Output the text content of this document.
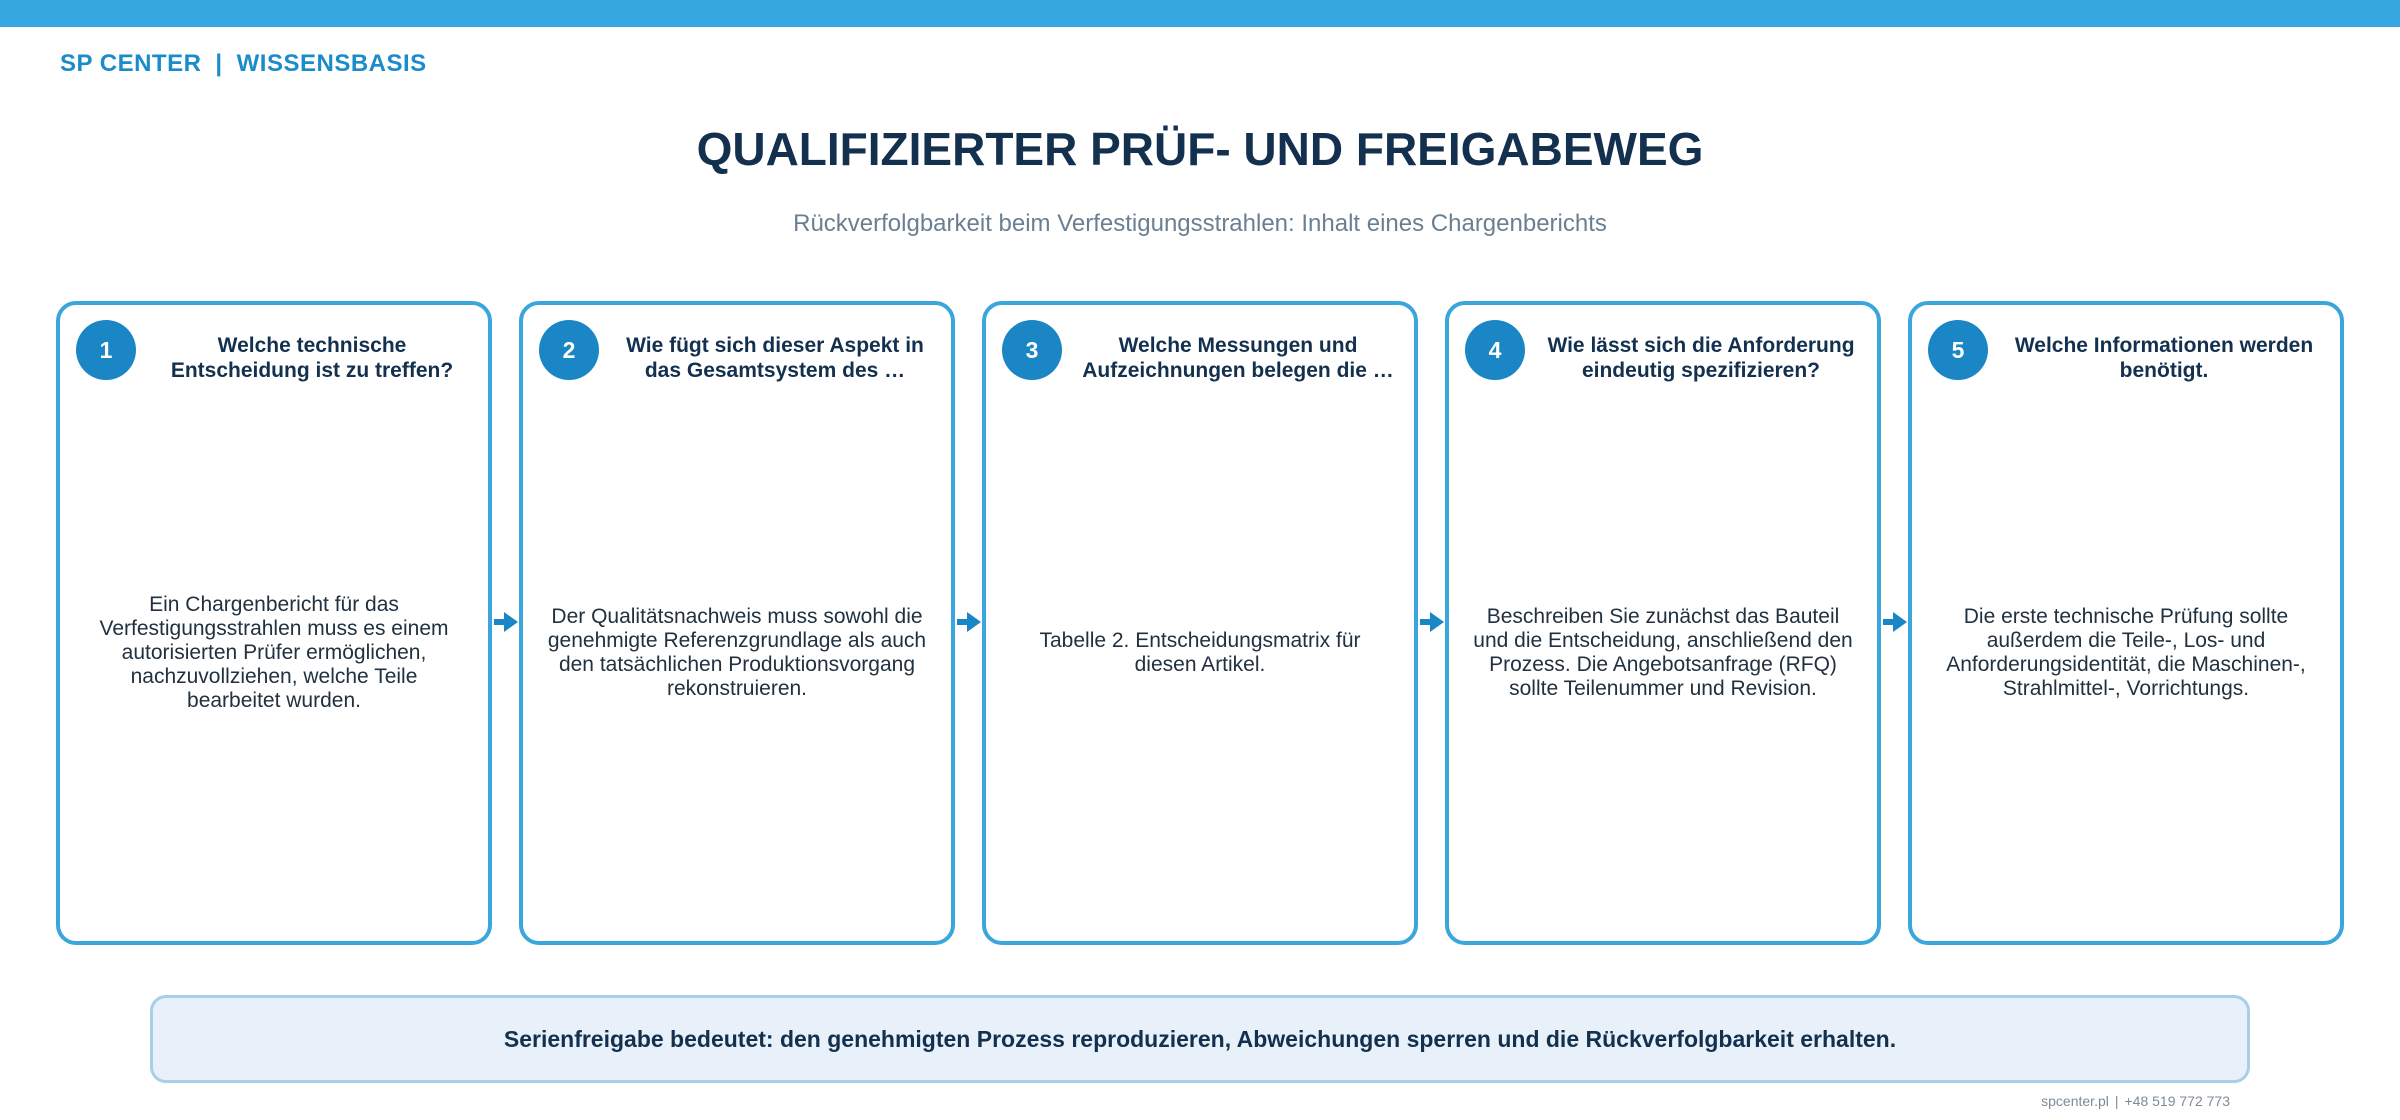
SP CENTER | WISSENSBASIS
QUALIFIZIERTER PRÜF- UND FREIGABEWEG
Rückverfolgbarkeit beim Verfestigungsstrahlen: Inhalt eines Chargenberichts
1	Welche technische Entscheidung ist zu treffen?
Ein Chargenbericht für das Verfestigungsstrahlen muss es einem autorisierten Prüfer ermöglichen, nachzuvollziehen, welche Teile bearbeitet wurden.
2	Wie fügt sich dieser Aspekt in das Gesamtsystem des …
Der Qualitätsnachweis muss sowohl die genehmigte Referenzgrundlage als auch den tatsächlichen Produktionsvorgang rekonstruieren.
3	Welche Messungen und Aufzeichnungen belegen die …
Tabelle 2. Entscheidungsmatrix für diesen Artikel.
4	Wie lässt sich die Anforderung eindeutig spezifizieren?
Beschreiben Sie zunächst das Bauteil und die Entscheidung, anschließend den Prozess. Die Angebotsanfrage (RFQ) sollte Teilenummer und Revision.
5	Welche Informationen werden benötigt.
Die erste technische Prüfung sollte außerdem die Teile-, Los- und Anforderungsidentität, die Maschinen-, Strahlmittel-, Vorrichtungs.
Serienfreigabe bedeutet: den genehmigten Prozess reproduzieren, Abweichungen sperren und die Rückverfolgbarkeit erhalten.
spcenter.pl | +48 519 772 773
